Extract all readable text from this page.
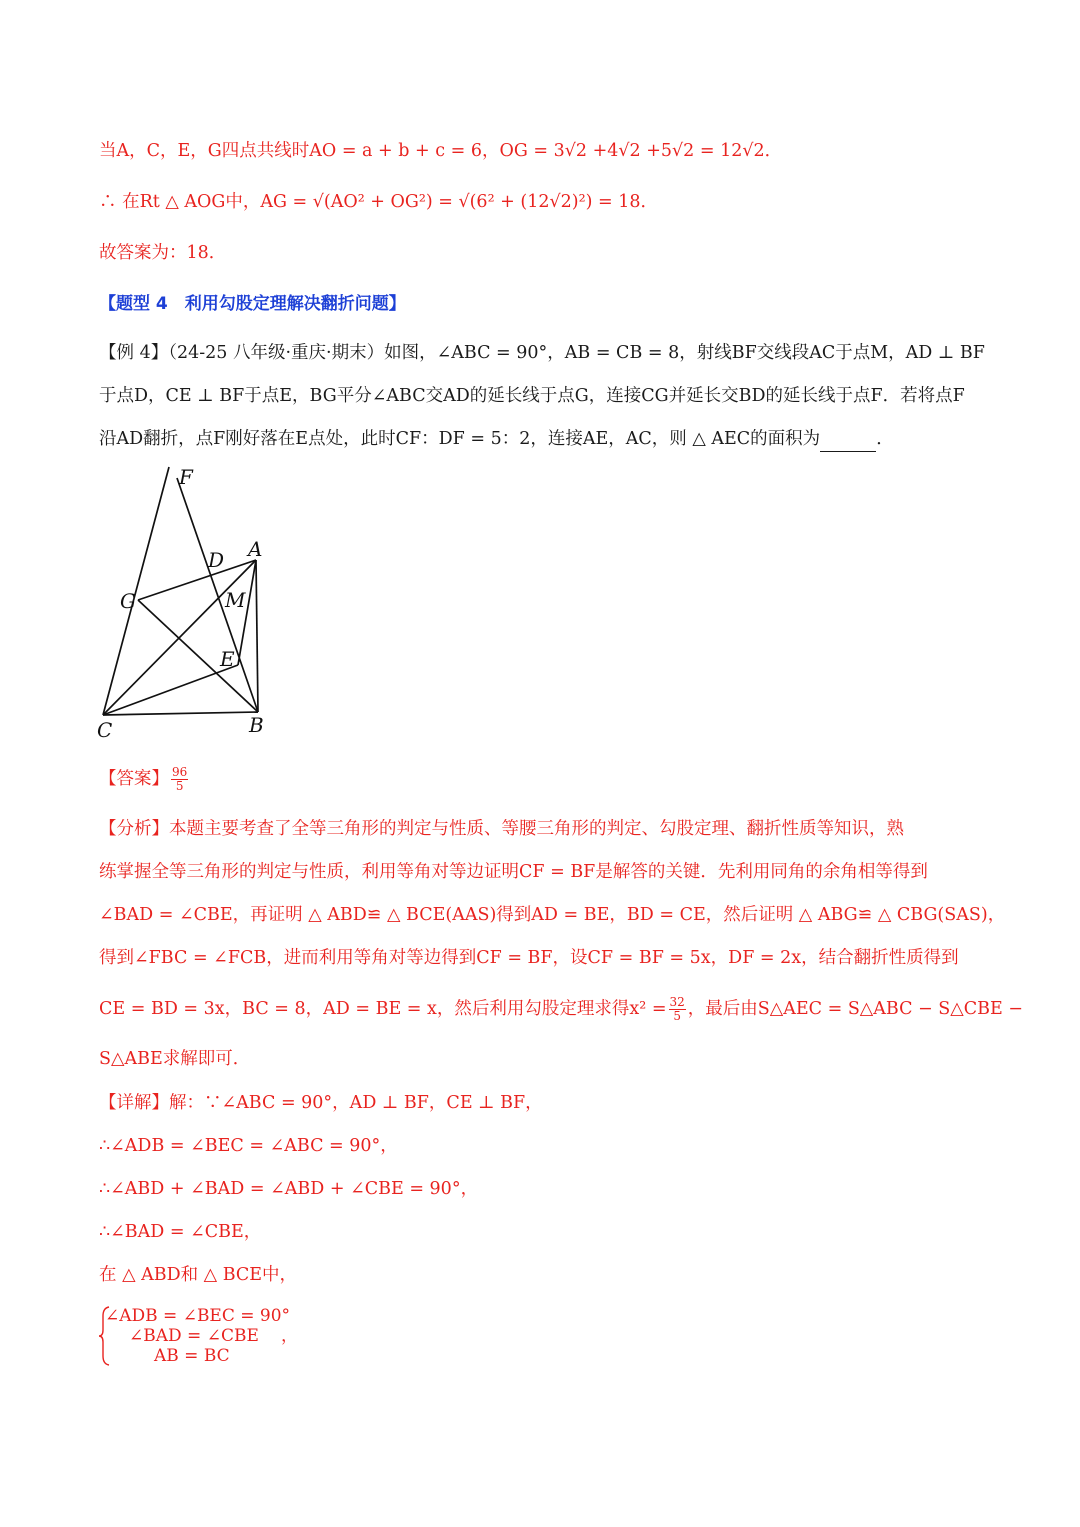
当A，C，E，G四点共线时AO = a + b + c = 6，OG = 3√2 +4√2 +5√2 = 12√2．
∴ 在Rt △ AOG中，AG = √(AO² + OG²) = √(6² + (12√2)²) = 18．
故答案为：18．
【题型 4　利用勾股定理解决翻折问题】
【例 4】（24-25 八年级·重庆·期末）如图，∠ABC = 90°，AB = CB = 8，射线BF交线段AC于点M，AD ⊥ BF
于点D，CE ⊥ BF于点E，BG平分∠ABC交AD的延长线于点G，连接CG并延长交BD的延长线于点F．若将点F
沿AD翻折，点F刚好落在E点处，此时CF：DF = 5：2，连接AE，AC，则 △ AEC的面积为	．
F
D A
G	M
E
C	B
【答案】 $\frac{96}{5}$
【分析】本题主要考查了全等三角形的判定与性质、等腰三角形的判定、勾股定理、翻折性质等知识，熟
练掌握全等三角形的判定与性质，利用等角对等边证明CF = BF是解答的关键．先利用同角的余角相等得到
∠BAD = ∠CBE，再证明 △ ABD≌ △ BCE(AAS)得到AD = BE，BD = CE，然后证明 △ ABG≌ △ CBG(SAS)，
得到∠FBC = ∠FCB，进而利用等角对等边得到CF = BF，设CF = BF = 5x，DF = 2x，结合翻折性质得到
CE = BD = 3x，BC = 8，AD = BE = x，然后利用勾股定理求得$x^2 = \frac{32}{5}$ ，最后由S△AEC = S△ABC − S△CBE −
S△ABE求解即可．
【详解】解：∵∠ABC = 90°，AD ⊥ BF，CE ⊥ BF，
∴∠ADB = ∠BEC = ∠ABC = 90°，
∴∠ABD + ∠BAD = ∠ABD + ∠CBE = 90°，
∴∠BAD = ∠CBE，
在 △ ABD和 △ BCE中，
∠ADB = ∠BEC = 90°
∠BAD = ∠CBE
AB = BC
，
